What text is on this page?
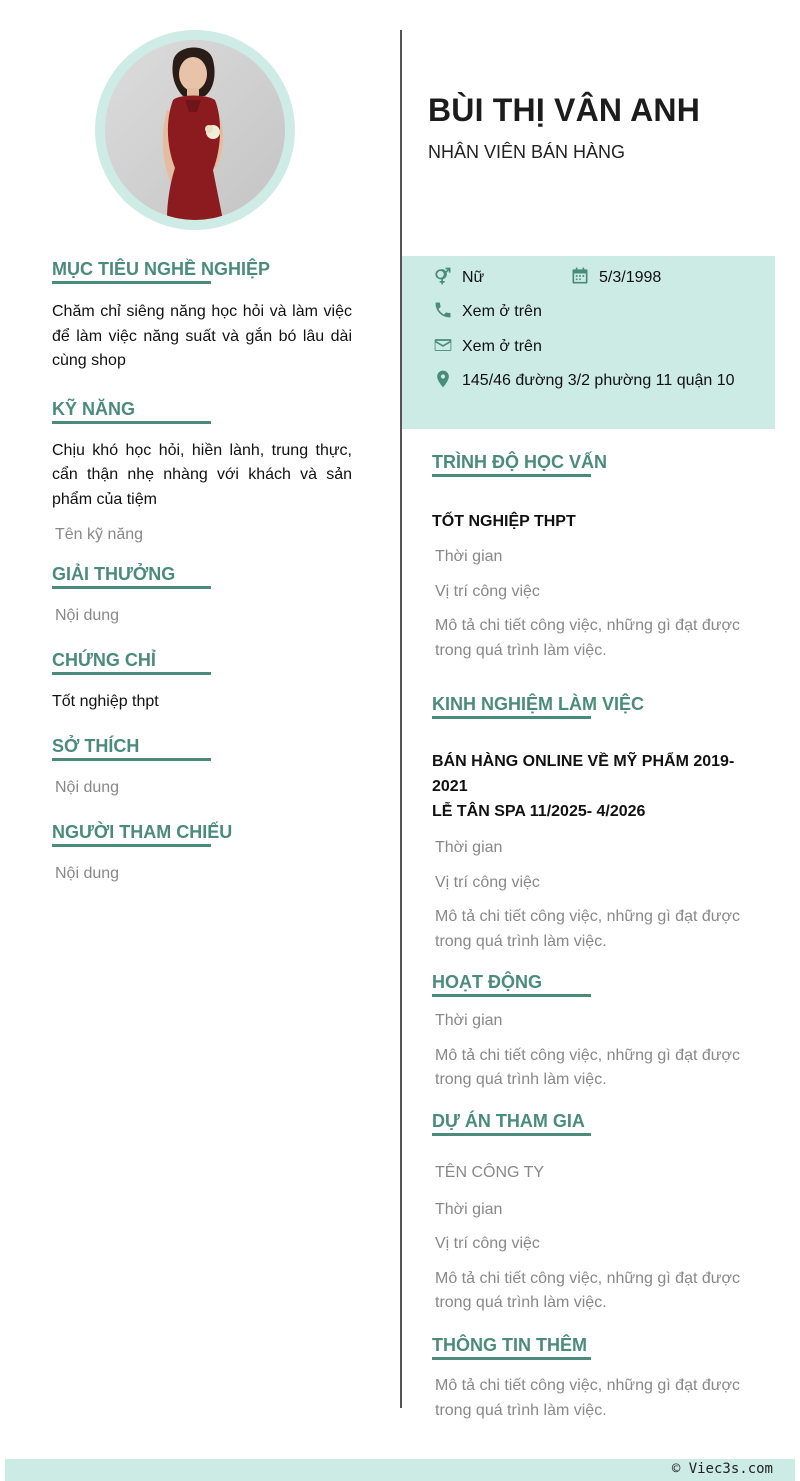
BÙI THỊ VÂN ANH
NHÂN VIÊN BÁN HÀNG
Nữ	5/3/1998
Xem ở trên
Xem ở trên
145/46 đường 3/2 phường 11 quận 10
MỤC TIÊU NGHỀ NGHIỆP
Chăm chỉ siêng năng học hỏi và làm việc để làm việc năng suất và gắn bó lâu dài cùng shop
KỸ NĂNG
Chịu khó học hỏi, hiền lành, trung thực, cẩn thận nhẹ nhàng với khách và sản phẩm của tiệm
Tên kỹ năng
GIẢI THƯỞNG
Nội dung
CHỨNG CHỈ
Tốt nghiệp thpt
SỞ THÍCH
Nội dung
NGƯỜI THAM CHIẾU
Nội dung
TRÌNH ĐỘ HỌC VẤN
TỐT NGHIỆP THPT
Thời gian
Vị trí công việc
Mô tả chi tiết công việc, những gì đạt được trong quá trình làm việc.
KINH NGHIỆM LÀM VIỆC
BÁN HÀNG ONLINE VỀ MỸ PHẨM 2019-2021
LỄ TÂN SPA 11/2025- 4/2026
Thời gian
Vị trí công việc
Mô tả chi tiết công việc, những gì đạt được trong quá trình làm việc.
HOẠT ĐỘNG
Thời gian
Mô tả chi tiết công việc, những gì đạt được trong quá trình làm việc.
DỰ ÁN THAM GIA
TÊN CÔNG TY
Thời gian
Vị trí công việc
Mô tả chi tiết công việc, những gì đạt được trong quá trình làm việc.
THÔNG TIN THÊM
Mô tả chi tiết công việc, những gì đạt được trong quá trình làm việc.
© Viec3s.com
